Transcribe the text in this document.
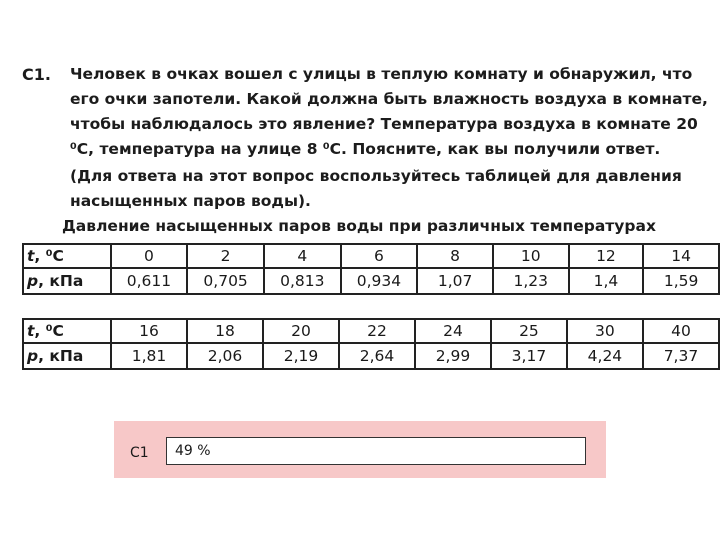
С1. Человек в очках вошел с улицы в теплую комнату и обнаружил, что его очки запотели. Какой должна быть влажность воздуха в комнате, чтобы наблюдалось это явление? Температура воздуха в комнате 20 ⁰С, температура на улице 8 ⁰С. Поясните, как вы получили ответ.

(Для ответа на этот вопрос воспользуйтесь таблицей для давления насыщенных паров воды).

Давление насыщенных паров воды при различных температурах
t, ⁰С	0	2	4	6	8	10	12	14
p, кПа	0,611	0,705	0,813	0,934	1,07	1,23	1,4	1,59
t, ⁰С	16	18	20	22	24	25	30	40
p, кПа	1,81	2,06	2,19	2,64	2,99	3,17	4,24	7,37
С1	49 %
